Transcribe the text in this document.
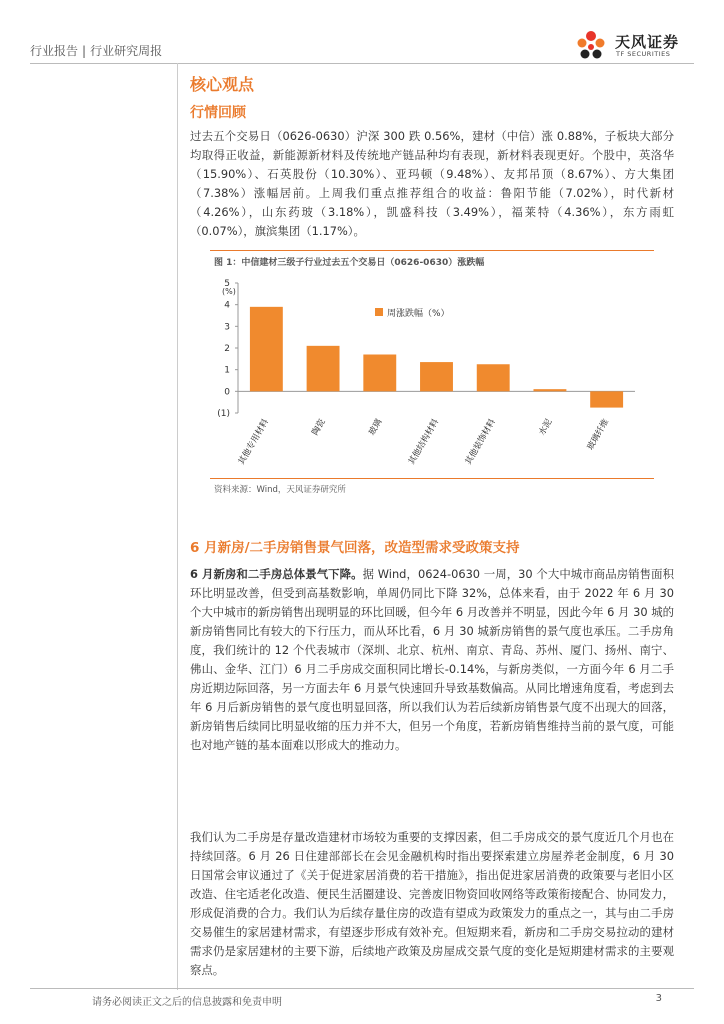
行业报告 | 行业研究周报	天风证券
TF SECURITIES
核心观点
行情回顾

过去五个交易日（0626-0630）沪深 300 跌 0.56%，建材（中信）涨 0.88%，子板块大部分均取得正收益，新能源新材料及传统地产链品种均有表现，新材料表现更好。个股中，英洛华（15.90%）、石英股份（10.30%）、亚玛顿（9.48%）、友邦吊顶（8.67%）、方大集团（7.38%）涨幅居前。上周我们重点推荐组合的收益：鲁阳节能（7.02%），时代新材（4.26%），山东药玻（3.18%），凯盛科技（3.49%），福莱特（4.36%），东方雨虹（0.07%），旗滨集团（1.17%）。

图 1：中信建材三级子行业过去五个交易日（0626-0630）涨跌幅
5
4
3
2
1
0
(1)
(%)
其他专用材料	陶瓷	玻璃	其他结构材料	其他装饰材料	水泥	玻璃纤维
周涨跌幅（%）
资料来源：Wind，天风证券研究所
6 月新房/二手房销售景气回落，改造型需求受政策支持

6 月新房和二手房总体景气下降。据 Wind，0624-0630 一周，30 个大中城市商品房销售面积环比明显改善，但受到高基数影响，单周仍同比下降 32%，总体来看，由于 2022 年 6 月 30 个大中城市的新房销售出现明显的环比回暖，但今年 6 月改善并不明显，因此今年 6 月 30 城的新房销售同比有较大的下行压力，而从环比看，6 月 30 城新房销售的景气度也承压。二手房角度，我们统计的 12 个代表城市（深圳、北京、杭州、南京、青岛、苏州、厦门、扬州、南宁、佛山、金华、江门）6 月二手房成交面积同比增长-0.14%，与新房类似，一方面今年 6 月二手房近期边际回落，另一方面去年 6 月景气快速回升导致基数偏高。从同比增速角度看，考虑到去年 6 月后新房销售的景气度也明显回落，所以我们认为若后续新房销售景气度不出现大的回落，新房销售后续同比明显收缩的压力并不大，但另一个角度，若新房销售维持当前的景气度，可能也对地产链的基本面难以形成大的推动力。

我们认为二手房是存量改造建材市场较为重要的支撑因素，但二手房成交的景气度近几个月也在持续回落。6 月 26 日住建部部长在会见金融机构时指出要探索建立房屋养老金制度，6 月 30 日国常会审议通过了《关于促进家居消费的若干措施》，指出促进家居消费的政策要与老旧小区改造、住宅适老化改造、便民生活圈建设、完善废旧物资回收网络等政策衔接配合、协同发力，形成促消费的合力。我们认为后续存量住房的改造有望成为政策发力的重点之一，其与由二手房交易催生的家居建材需求，有望逐步形成有效补充。但短期来看，新房和二手房交易拉动的建材需求仍是家居建材的主要下游，后续地产政策及房屋成交景气度的变化是短期建材需求的主要观察点。

请务必阅读正文之后的信息披露和免责申明	3
